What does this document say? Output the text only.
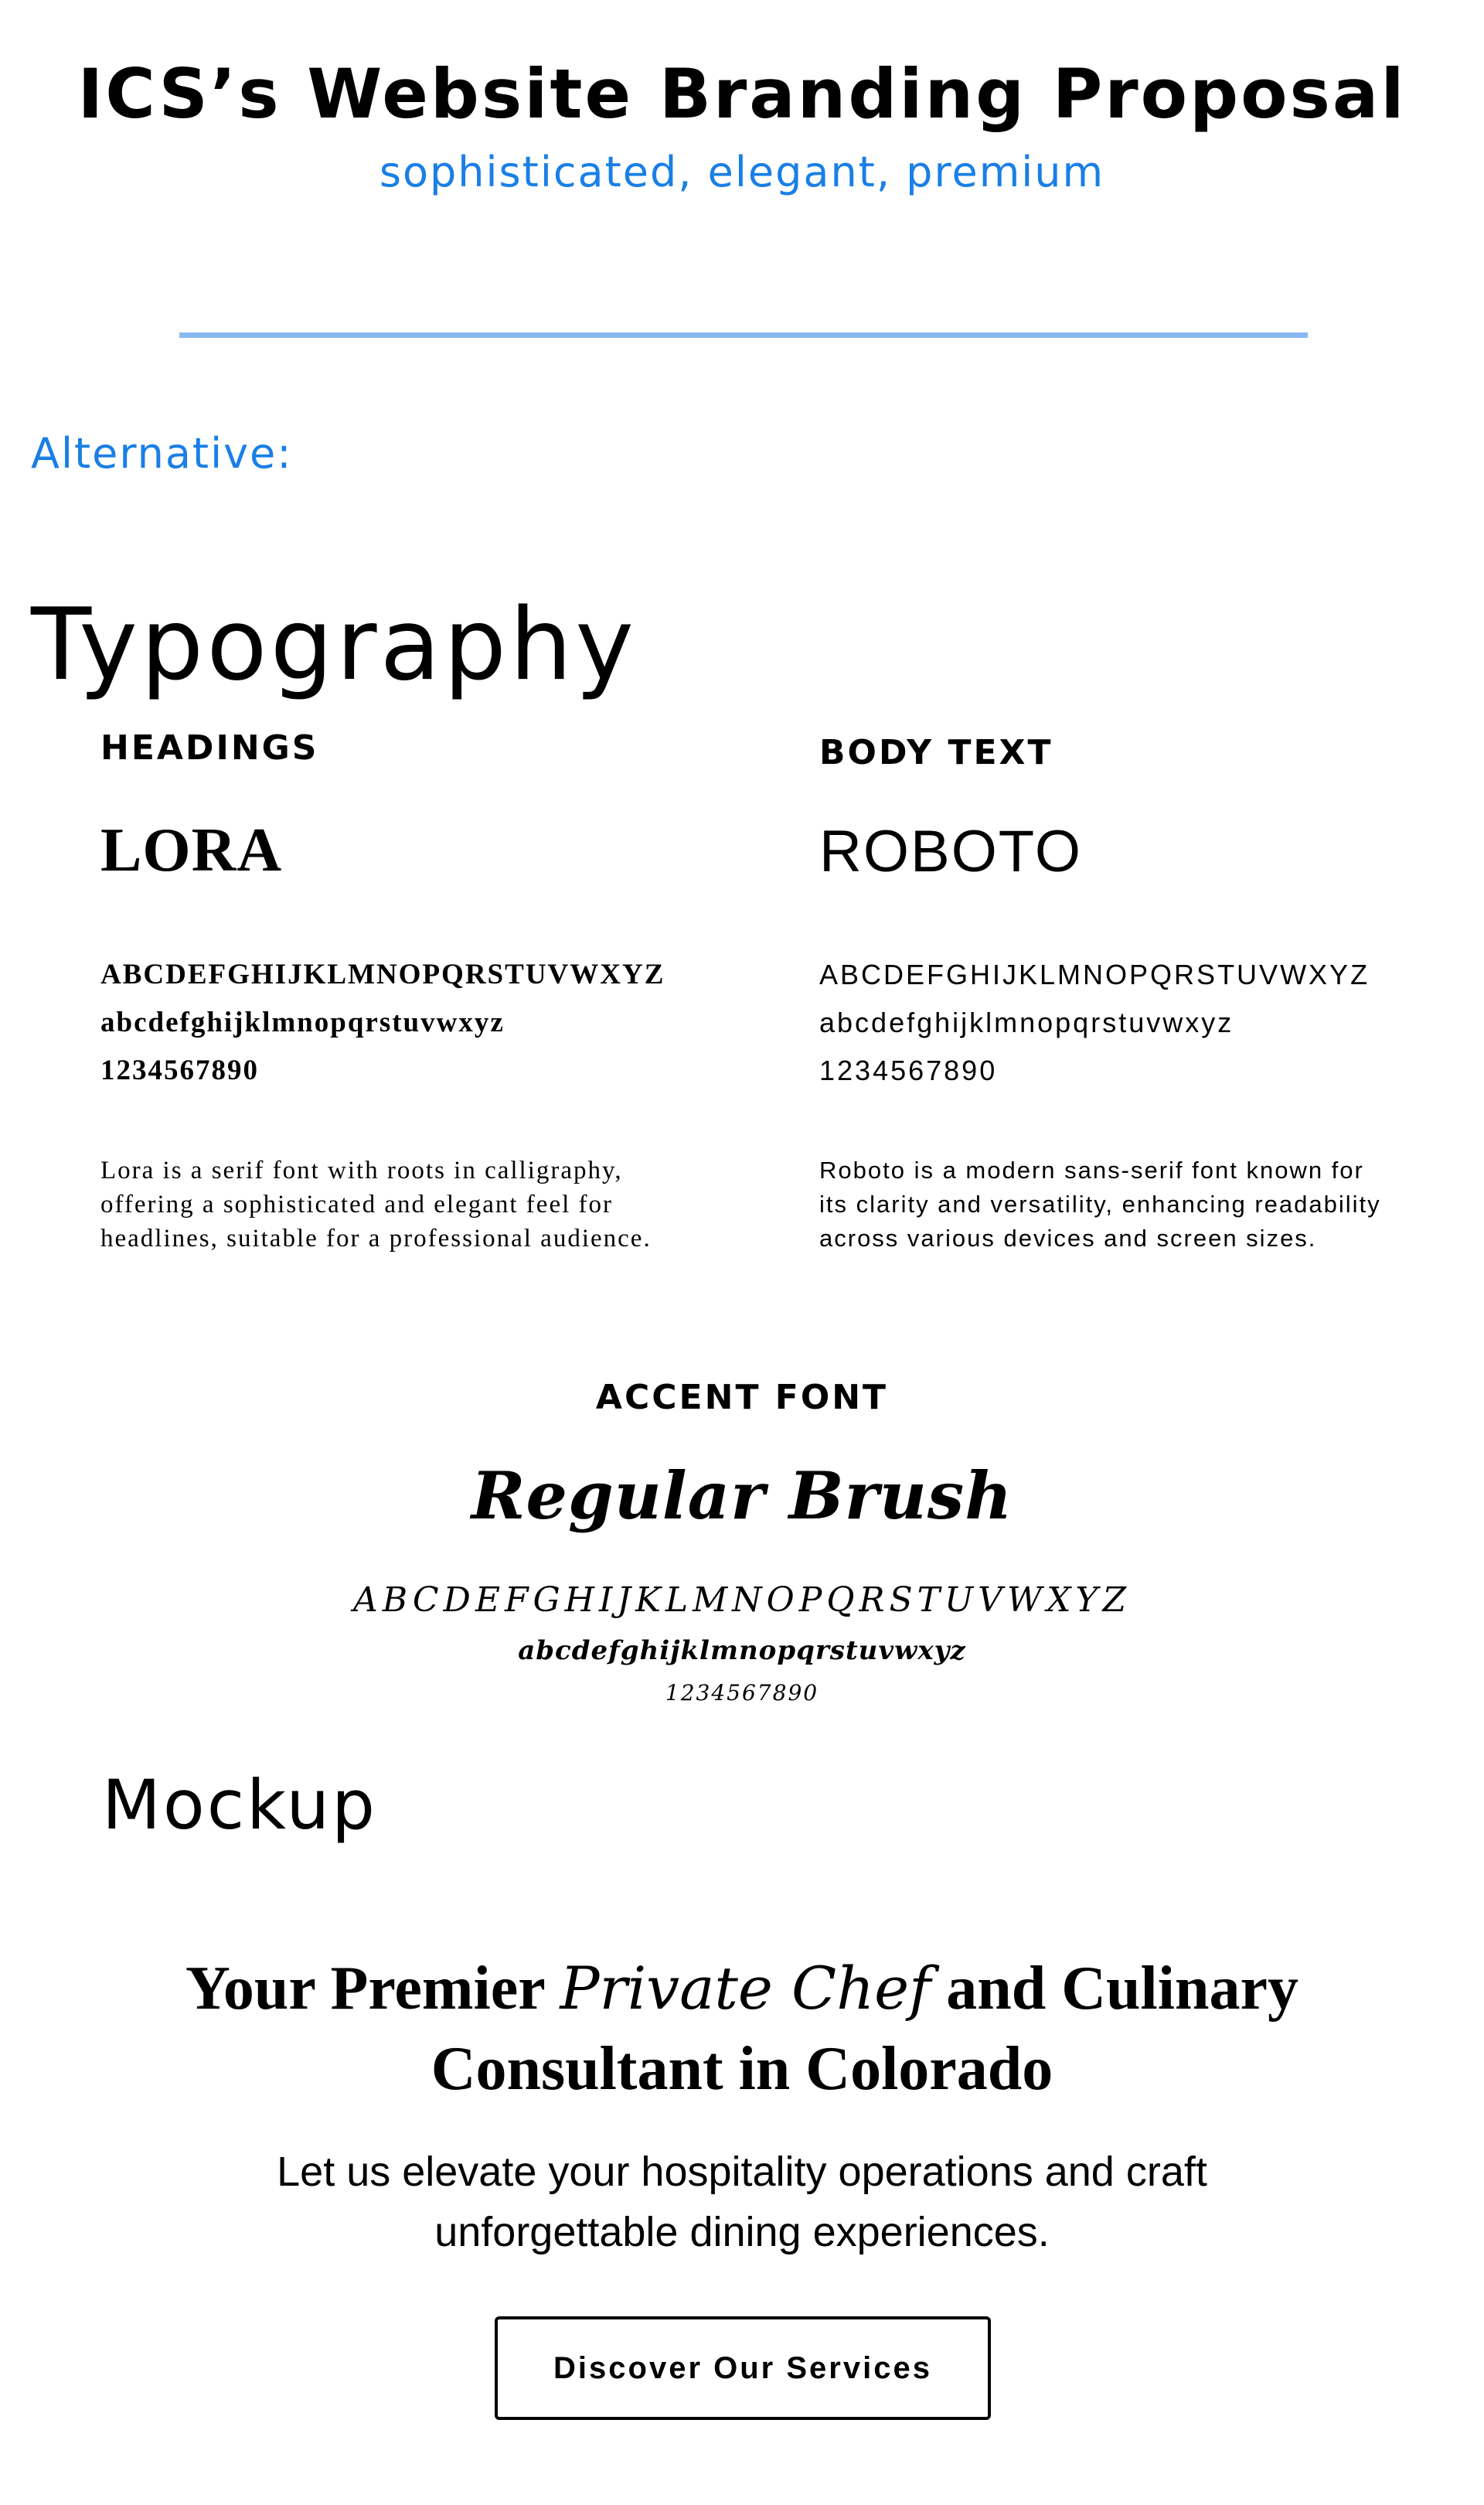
ICS’s Website Branding Proposal
sophisticated, elegant, premium
Alternative:
Typography
HEADINGS
LORA
ABCDEFGHIJKLMNOPQRSTUVWXYZ
abcdefghijklmnopqrstuvwxyz
1234567890
Lora is a serif font with roots in calligraphy, offering a sophisticated and elegant feel for headlines, suitable for a professional audience.
BODY TEXT
ROBOTO
ABCDEFGHIJKLMNOPQRSTUVWXYZ
abcdefghijklmnopqrstuvwxyz
1234567890
Roboto is a modern sans-serif font known for its clarity and versatility, enhancing readability across various devices and screen sizes.
ACCENT FONT
Regular Brush
ABCDEFGHIJKLMNOPQRSTUVWXYZ
abcdefghijklmnopqrstuvwxyz
1234567890
Mockup
Your Premier Private Chef and Culinary Consultant in Colorado
Let us elevate your hospitality operations and craft unforgettable dining experiences.
Discover Our Services
